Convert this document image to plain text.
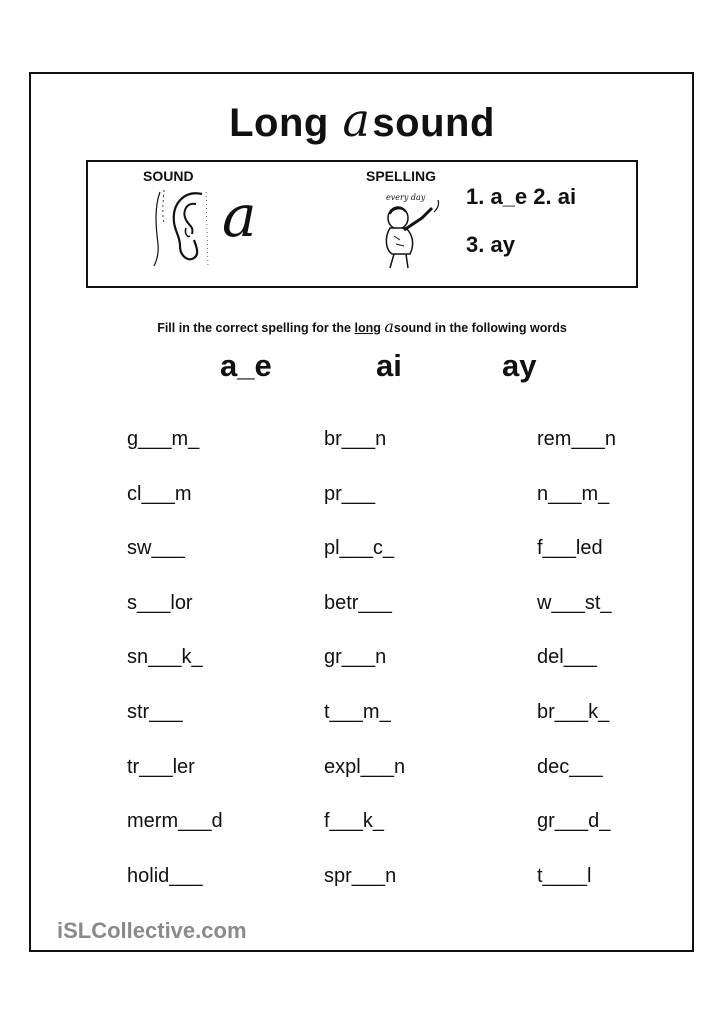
Long asound
SOUND
a
SPELLING
every day 1. a_e 2. ai
3. ay
Fill in the correct spelling for the long asound in the following words
a_e	ai	ay
g___m_	br___n	rem___n
cl___m	pr___	n___m_
sw___	pl___c_	f___led
s___lor	betr___	w___st_
sn___k_	gr___n	del___
str___	t___m_	br___k_
tr___ler	expl___n	dec___
merm___d	f___k_	gr___d_
holid___	spr___n	t____l
iSLCollective.com
